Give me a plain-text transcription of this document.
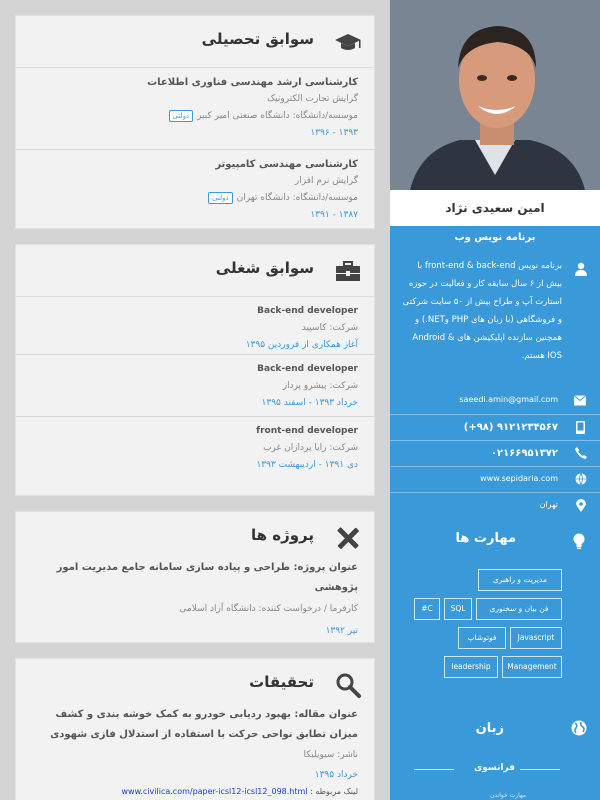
سوابق تحصیلی
کارشناسی ارشد مهندسی فناوری اطلاعات
گرایش تجارت الکترونیک
موسسه/دانشگاه: دانشگاه صنعتی امیر کبیردولتی
۱۳۹۳ - ۱۳۹۶
کارشناسی مهندسی کامپیوتر
گرایش نرم افزار
موسسه/دانشگاه: دانشگاه تهراندولتی
۱۳۸۷ - ۱۳۹۱
سوابق شغلی
Back-end developer
شرکت: کاسپید
آغاز همکاری از فروردین ۱۳۹۵
Back-end developer
شرکت: پیشرو پرداز
خرداد ۱۳۹۳ - اسفند ۱۳۹۵
front-end developer
شرکت: رایا پردازان غرب
دی ۱۳۹۱ - اردیبهشت ۱۳۹۳
پروژه ها
عنوان پروژه: طراحی و پیاده سازی سامانه جامع مدیریت امور پژوهشی
کارفرما / درخواست کننده: دانشگاه آزاد اسلامی
تیر ۱۳۹۲
تحقیقات
عنوان مقاله: بهبود ردیابی خودرو به کمک خوشه بندی و کشف میزان تطابق نواحی حرکت با استفاده از استدلال فازی شهودی
ناشر: سیویلیکا
خرداد ۱۳۹۵
لینک مربوطه : www.civilica.com/paper-icsl12-icsl12_098.html
امین سعیدی نژاد
برنامه نویس وب
برنامه نویس front-end & back-end با بیش از ۶ سال سابقه کار و فعالیت در حوزه استارت آپ و طراح بیش از ۵۰ سایت شرکتی و فروشگاهی (با زبان های PHP وNET.) و همچنین سازنده اپلیکیشن های Android & IOS هستم.
saeedi.amin@gmail.com
(+۹۸) ۹۱۲۱۲۳۴۵۶۷
۰۲۱۶۶۹۵۱۳۷۲
www.sepidaria.com
تهران
مهارت ها
مدیریت و راهبری
فن بیان و سخنوری
SQL
C#
Javascript
فوتوشاپ
Management
leadership
زبان
فرانسوی
مهارت خواندن
